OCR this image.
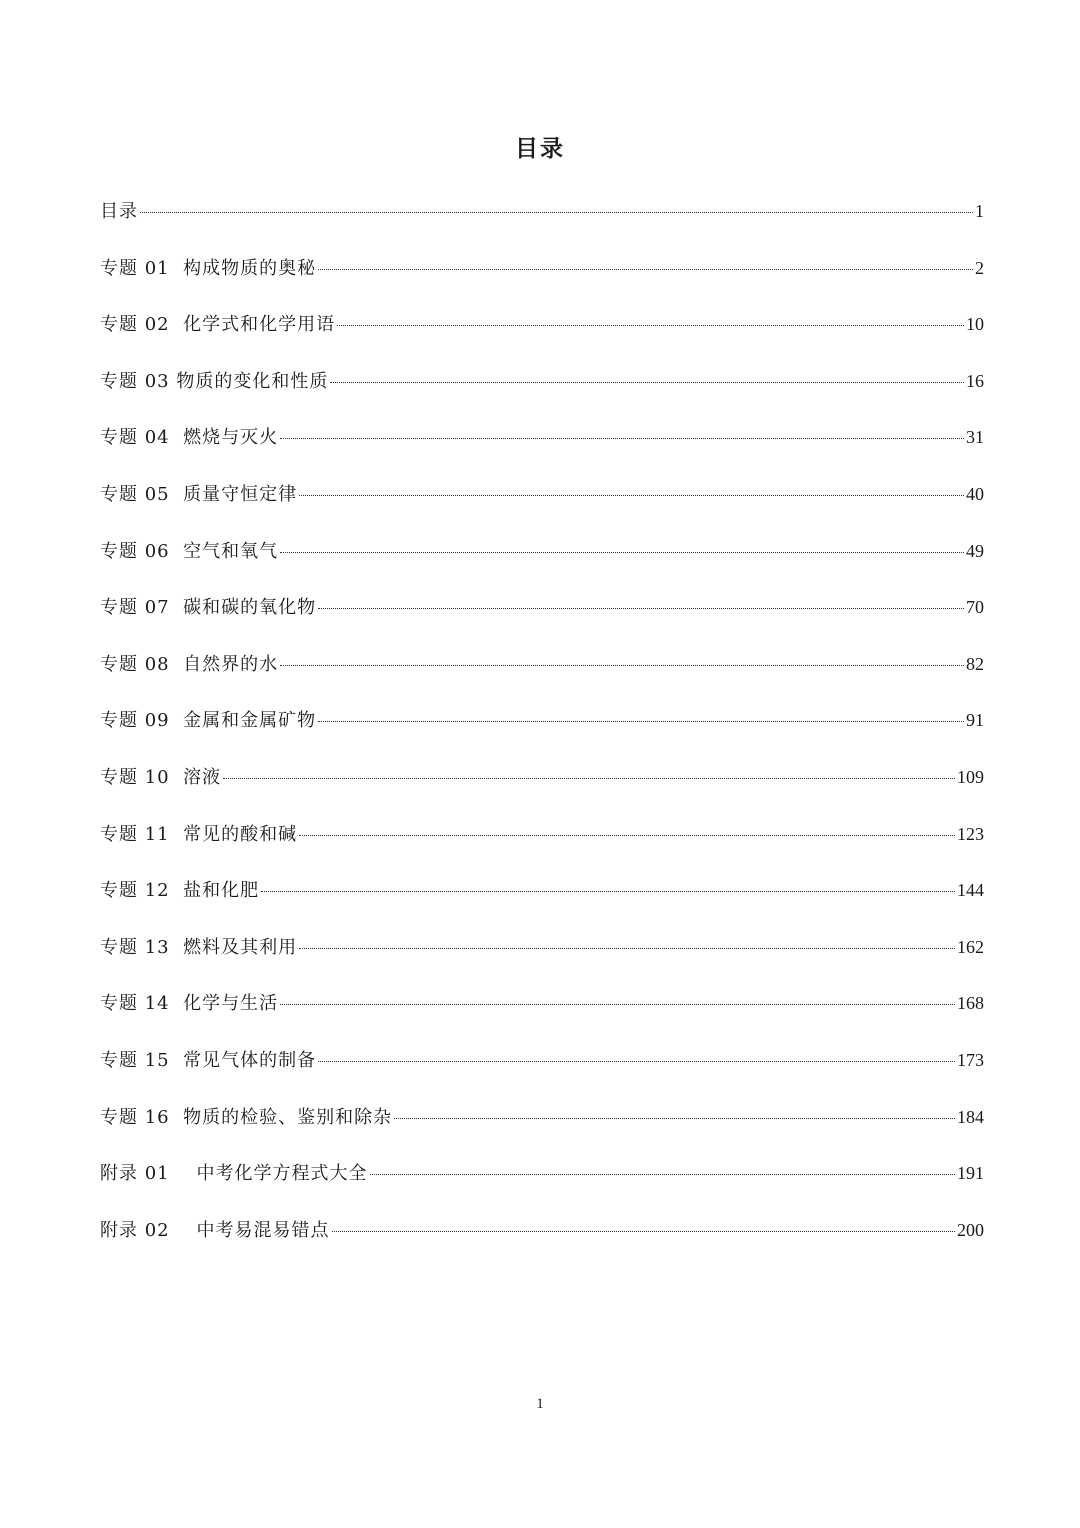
目录
目录	1
专题 01  构成物质的奥秘	2
专题 02  化学式和化学用语	10
专题 03 物质的变化和性质	16
专题 04  燃烧与灭火	31
专题 05  质量守恒定律	40
专题 06  空气和氧气	49
专题 07  碳和碳的氧化物	70
专题 08  自然界的水	82
专题 09  金属和金属矿物	91
专题 10  溶液	109
专题 11  常见的酸和碱	123
专题 12  盐和化肥	144
专题 13  燃料及其利用	162
专题 14  化学与生活	168
专题 15  常见气体的制备	173
专题 16  物质的检验、鉴别和除杂	184
附录 01    中考化学方程式大全	191
附录 02    中考易混易错点	200
1
